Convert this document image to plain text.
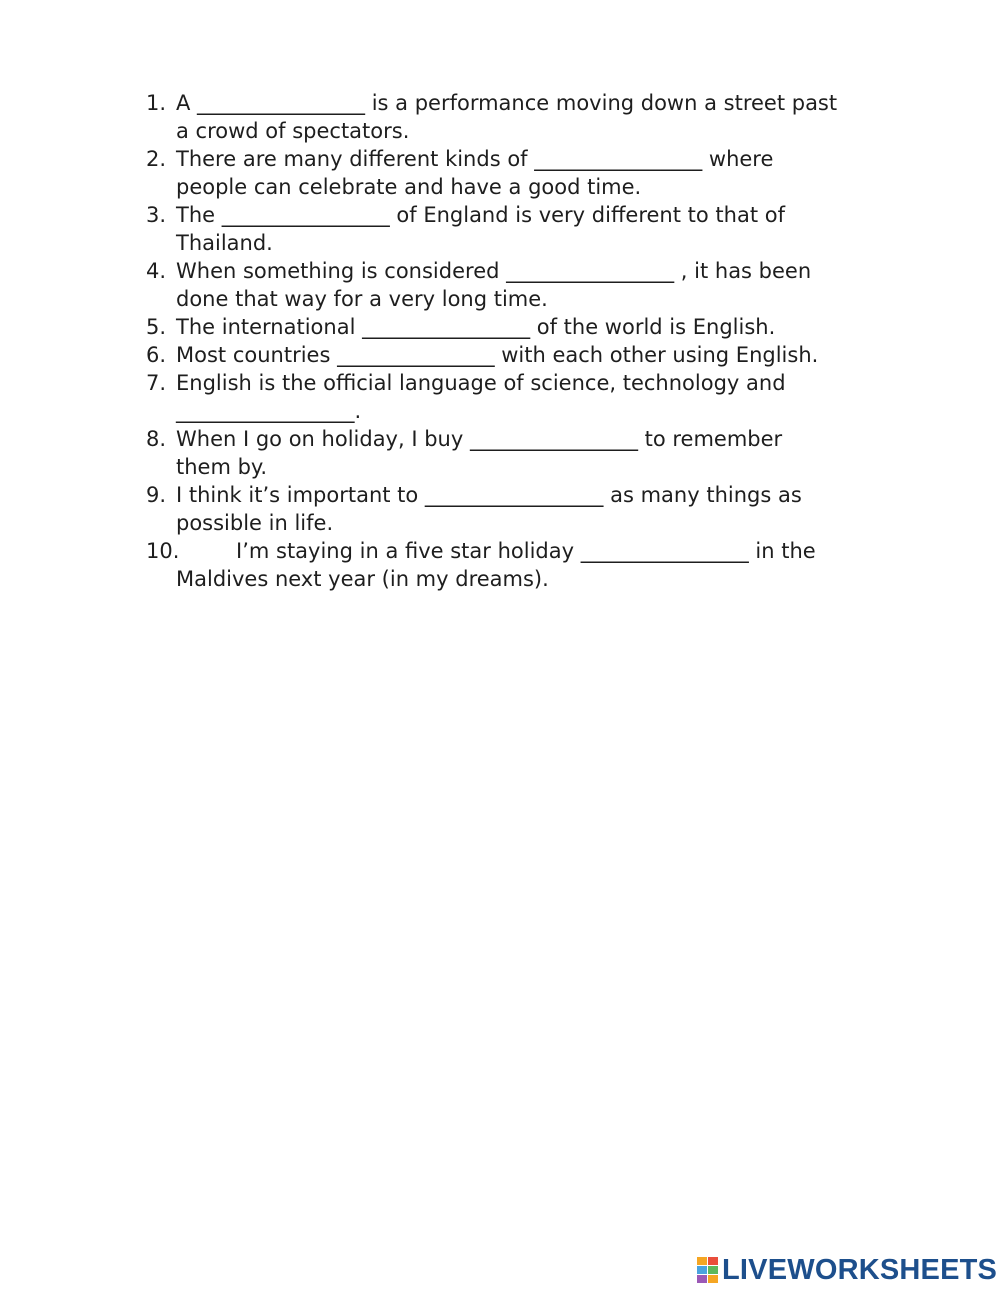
1. A ________________ is a performance moving down a street past
a crowd of spectators.
2. There are many different kinds of ________________ where
people can celebrate and have a good time.
3. The ________________ of England is very different to that of
Thailand.
4. When something is considered ________________ , it has been
done that way for a very long time.
5. The international ________________ of the world is English.
6. Most countries _______________ with each other using English.
7. English is the official language of science, technology and
_________________.
8. When I go on holiday, I buy ________________ to remember
them by.
9. I think it’s important to _________________ as many things as
possible in life.
10.	I’m staying in a five star holiday ________________ in the
Maldives next year (in my dreams).
LIVEWORKSHEETS
